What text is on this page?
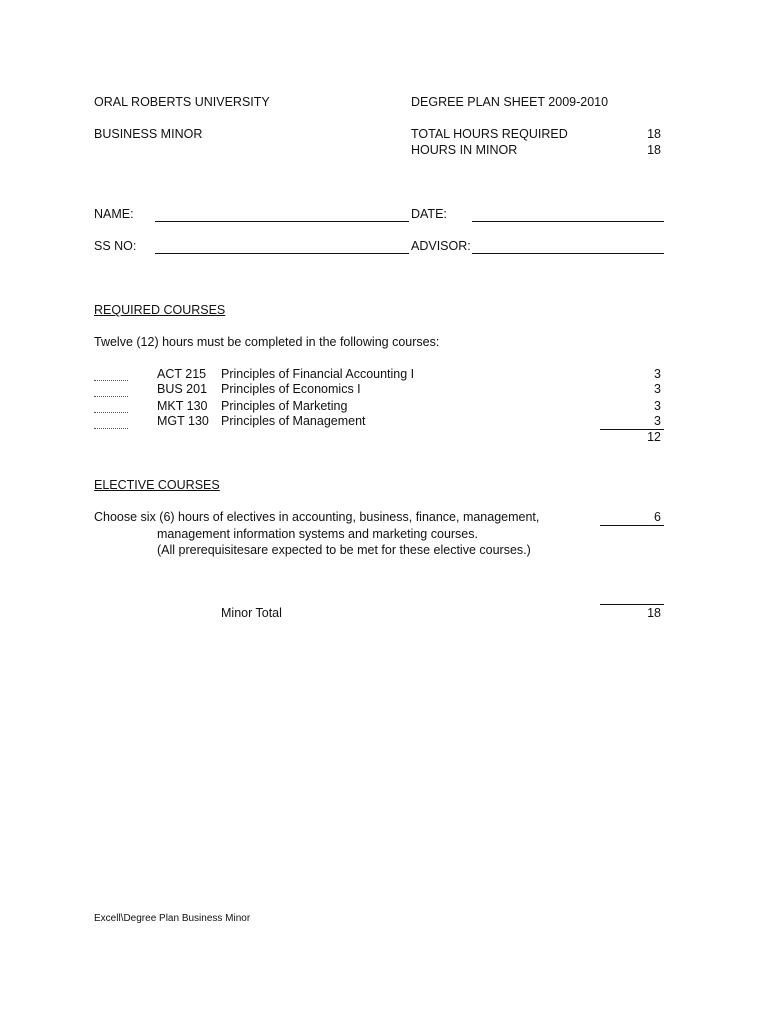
ORAL ROBERTS UNIVERSITY	DEGREE PLAN SHEET 2009-2010
BUSINESS MINOR	TOTAL HOURS REQUIRED	18
HOURS IN MINOR	18
NAME:	DATE:
SS NO:	ADVISOR:
REQUIRED COURSES
Twelve (12) hours must be completed in the following courses:
ACT 215 Principles of Financial Accounting I	3
BUS 201 Principles of Economics I	3
MKT 130 Principles of Marketing	3
MGT 130 Principles of Management	3
12
ELECTIVE COURSES
Choose six (6) hours of electives in accounting, business, finance, management,
management information systems and marketing courses.
(All prerequisitesare expected to be met for these elective courses.)
6
Minor Total	18
Excell\Degree Plan Business Minor
